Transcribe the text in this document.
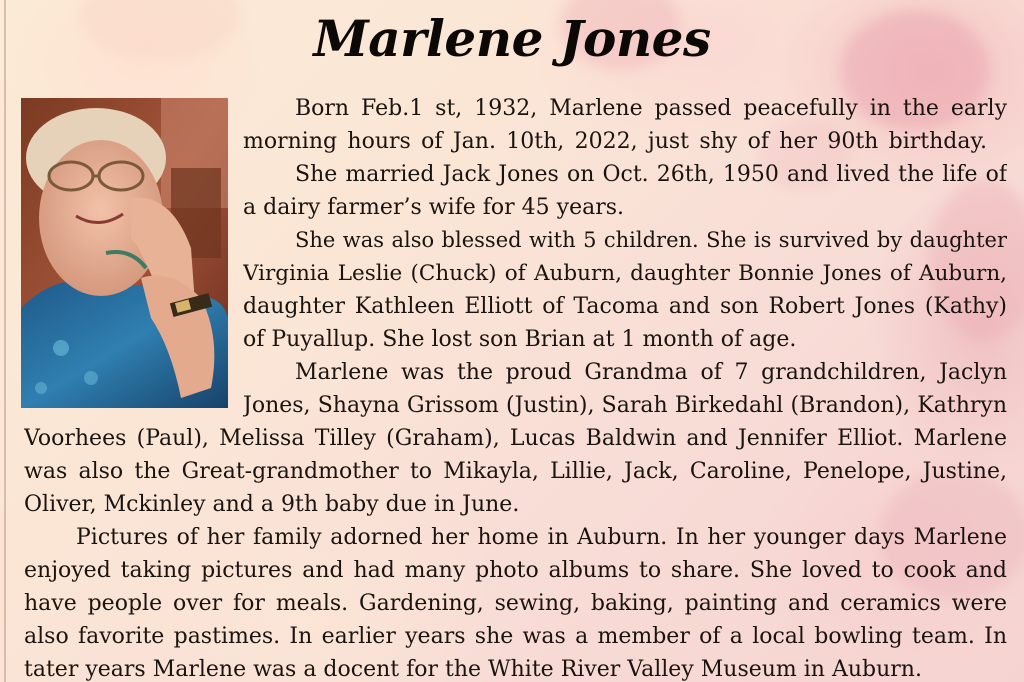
Marlene Jones
Born Feb.1 st, 1932, Marlene passed peacefully in the early
morning hours of Jan. 10th, 2022, just shy of her 90th birthday.
She married Jack Jones on Oct. 26th, 1950 and lived the life of
a dairy farmer’s wife for 45 years.
She was also blessed with 5 children. She is survived by daughter
Virginia Leslie (Chuck) of Auburn, daughter Bonnie Jones of Auburn,
daughter Kathleen Elliott of Tacoma and son Robert Jones (Kathy)
of Puyallup. She lost son Brian at 1 month of age.
Marlene was the proud Grandma of 7 grandchildren, Jaclyn
Jones, Shayna Grissom (Justin), Sarah Birkedahl (Brandon), Kathryn
Voorhees (Paul), Melissa Tilley (Graham), Lucas Baldwin and Jennifer Elliot. Marlene
was also the Great-grandmother to Mikayla, Lillie, Jack, Caroline, Penelope, Justine,
Oliver, Mckinley and a 9th baby due in June.
Pictures of her family adorned her home in Auburn. In her younger days Marlene
enjoyed taking pictures and had many photo albums to share. She loved to cook and
have people over for meals. Gardening, sewing, baking, painting and ceramics were
also favorite pastimes. In earlier years she was a member of a local bowling team. In
tater years Marlene was a docent for the White River Valley Museum in Auburn.
